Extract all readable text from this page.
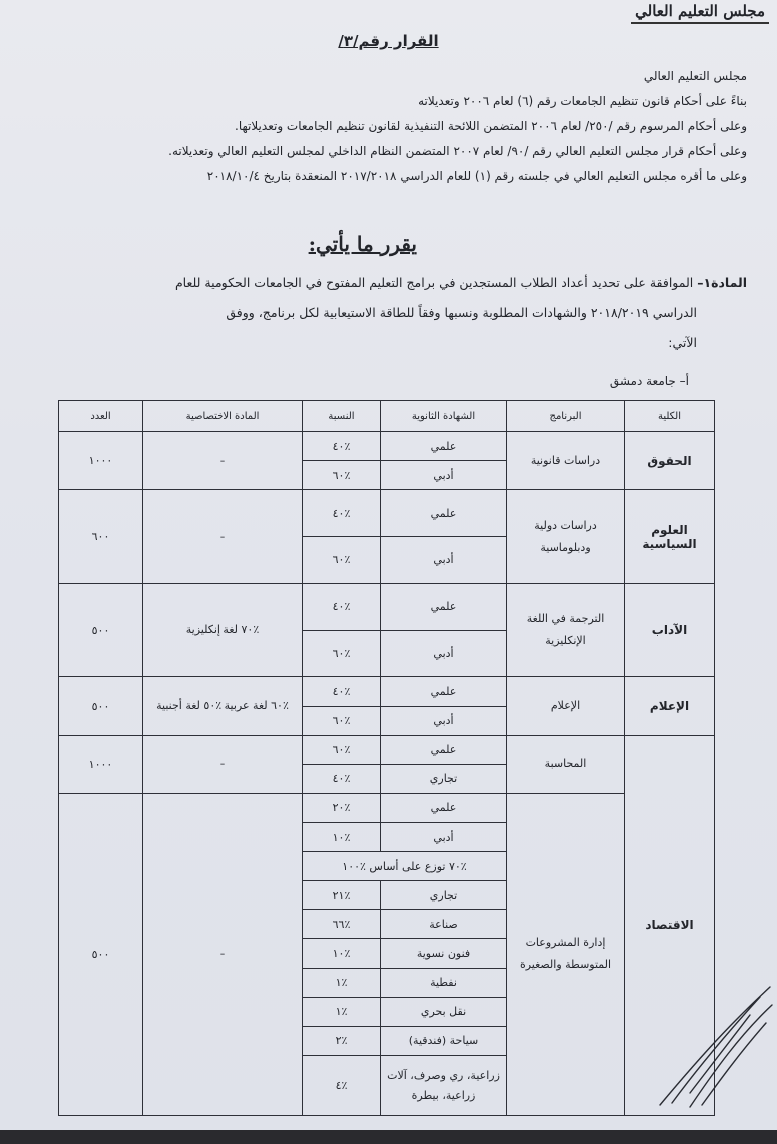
مجلس التعليم العالي
القرار رقم/٣/
مجلس التعليم العالي
بناءً على أحكام قانون تنظيم الجامعات رقم (٦) لعام ٢٠٠٦ وتعديلاته
وعلى أحكام المرسوم رقم /٢٥٠/ لعام ٢٠٠٦ المتضمن اللائحة التنفيذية لقانون تنظيم الجامعات وتعديلاتها.
وعلى أحكام قرار مجلس التعليم العالي رقم /٩٠/ لعام ٢٠٠٧ المتضمن النظام الداخلي لمجلس التعليم العالي وتعديلاته.
وعلى ما أقره مجلس التعليم العالي في جلسته رقم (١) للعام الدراسي ٢٠١٧/٢٠١٨ المنعقدة بتاريخ ٢٠١٨/١٠/٤
يقرر ما يأتي:
المادة١– الموافقة على تحديد أعداد الطلاب المستجدين في برامج التعليم المفتوح في الجامعات الحكومية للعام
الدراسي ٢٠١٨/٢٠١٩ والشهادات المطلوبة ونسبها وفقاً للطاقة الاستيعابية لكل برنامج، ووفق
الآتي:
أ– جامعة دمشق
الكلية	البرنامج	الشهادة الثانوية	النسبة	المادة الاختصاصية	العدد
الحقوق	دراسات قانونية	علمي	٪٤٠	–	١٠٠٠
		أدبي	٪٦٠		
العلوم السياسية	دراسات دولية ودبلوماسية	علمي	٪٤٠	–	٦٠٠
		أدبي	٪٦٠		
الآداب	الترجمة في اللغة الإنكليزية	علمي	٪٤٠	٪٧٠ لغة إنكليزية	٥٠٠
		أدبي	٪٦٠		
الإعلام	الإعلام	علمي	٪٤٠	٪٦٠ لغة عربية ٪٥٠ لغة أجنبية	٥٠٠
		أدبي	٪٦٠		
الاقتصاد	المحاسبة	علمي	٪٦٠	–	١٠٠٠
		تجاري	٪٤٠		
	إدارة المشروعات المتوسطة والصغيرة	علمي	٪٢٠	–	٥٠٠
		أدبي	٪١٠		
		٪٧٠ توزع على أساس ٪١٠٠			
		تجاري	٪٢١		
		صناعة	٪٦٦		
		فنون نسوية	٪١٠		
		نفطية	٪١		
		نقل بحري	٪١		
		سياحة (فندقية)	٪٢		
		زراعية، ري وصرف، آلات زراعية، بيطرة	٪٤		
